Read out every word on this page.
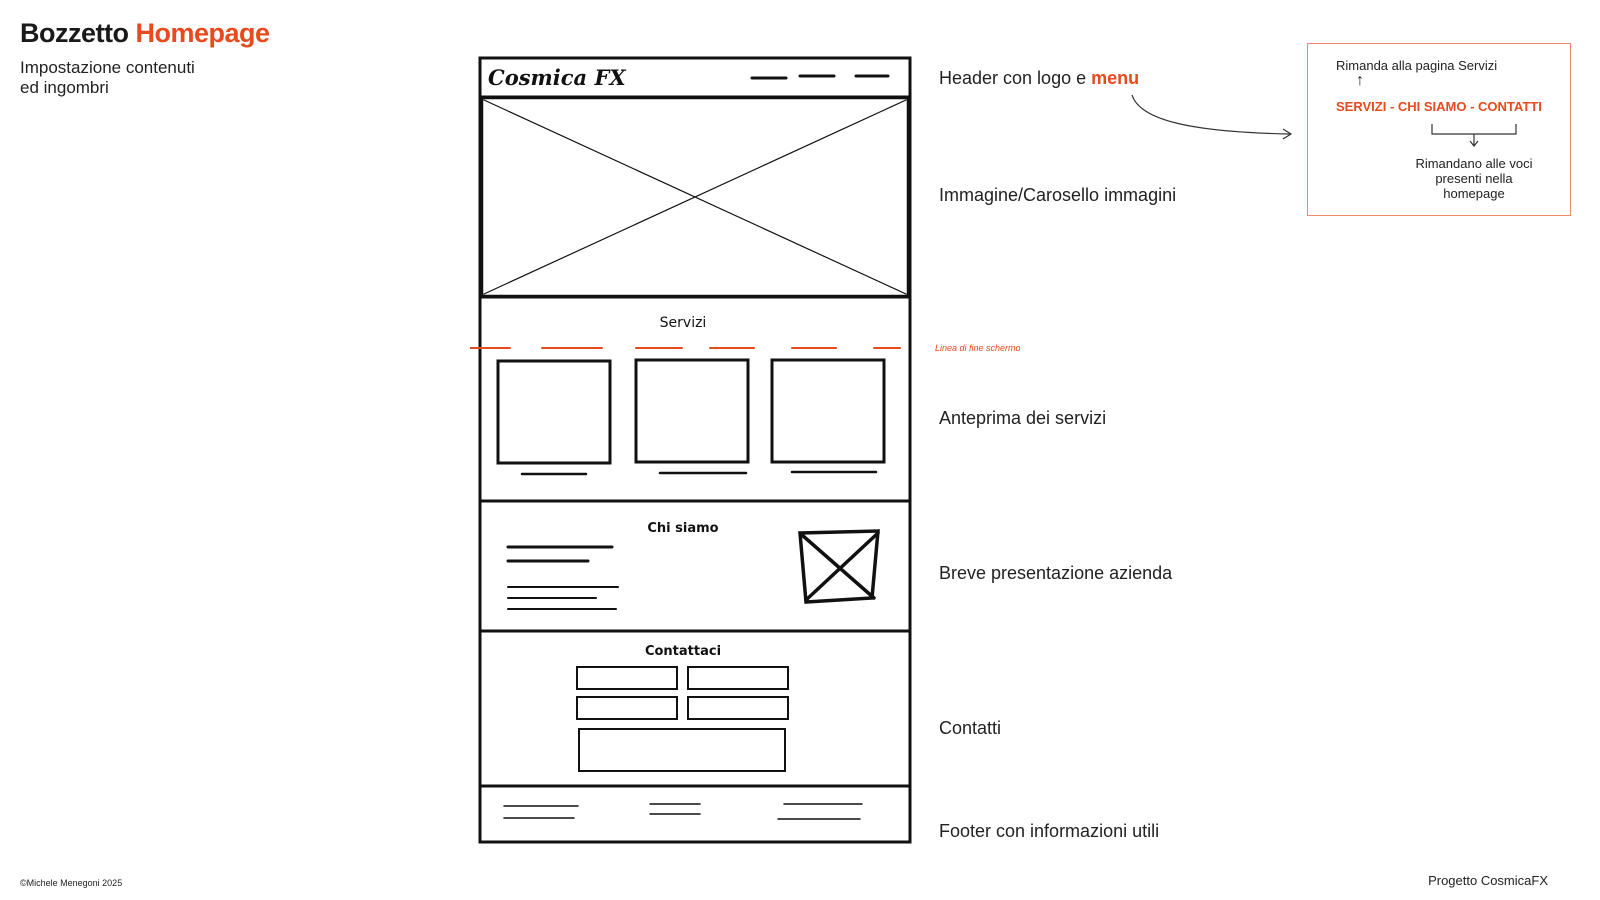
Bozzetto Homepage
Impostazione contenuti
ed ingombri	Cosmica FX
Servizi
Chi siamo
Contattaci
Linea di fine schermo
Header con logo e menu
Immagine/Carosello immagini
Anteprima dei servizi
Breve presentazione azienda
Contatti
Footer con informazioni utili
Rimanda alla pagina Servizi
↑
SERVIZI - CHI SIAMO - CONTATTI
Rimandano alle voci presenti nella homepage
©Michele Menegoni 2025	Progetto CosmicaFX
